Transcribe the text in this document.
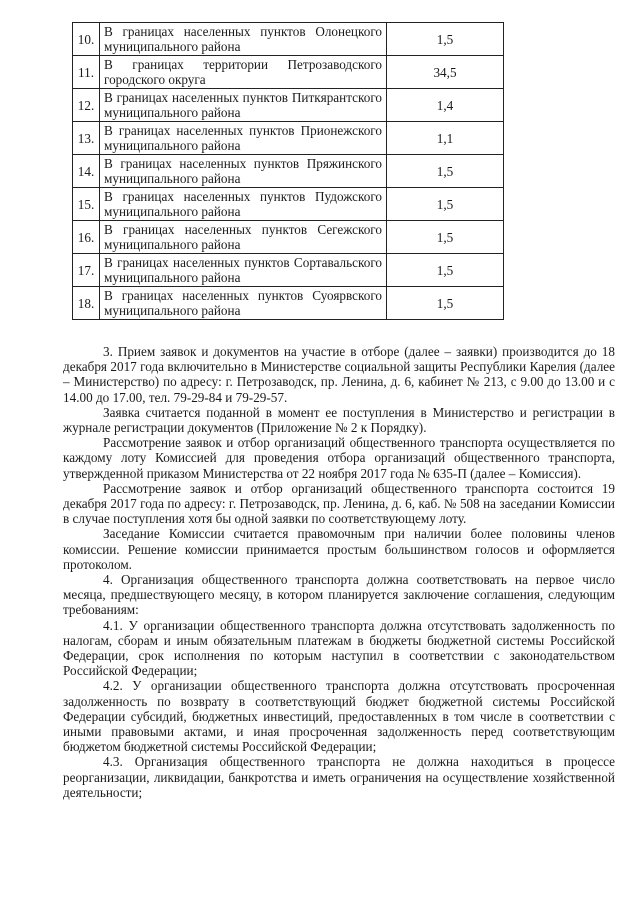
10.	В границах населенных пунктов Олонецкого муниципального района	1,5
11.	В границах территории Петрозаводского городского округа	34,5
12.	В границах населенных пунктов Питкярантского муниципального района	1,4
13.	В границах населенных пунктов Прионежского муниципального района	1,1
14.	В границах населенных пунктов Пряжинского муниципального района	1,5
15.	В границах населенных пунктов Пудожского муниципального района	1,5
16.	В границах населенных пунктов Сегежского муниципального района	1,5
17.	В границах населенных пунктов Сортавальского муниципального района	1,5
18.	В границах населенных пунктов Суоярвского муниципального района	1,5

3. Прием заявок и документов на участие в отборе (далее – заявки) производится до 18 декабря 2017 года включительно в Министерстве социальной защиты Республики Карелия (далее – Министерство) по адресу: г. Петрозаводск, пр. Ленина, д. 6, кабинет № 213, с 9.00 до 13.00 и с 14.00 до 17.00, тел. 79-29-84 и 79-29-57.

Заявка считается поданной в момент ее поступления в Министерство и регистрации в журнале регистрации документов (Приложение № 2 к Порядку).

Рассмотрение заявок и отбор организаций общественного транспорта осуществляется по каждому лоту Комиссией для проведения отбора организаций общественного транспорта, утвержденной приказом Министерства от 22 ноября 2017 года № 635-П (далее – Комиссия).

Рассмотрение заявок и отбор организаций общественного транспорта состоится 19 декабря 2017 года по адресу: г. Петрозаводск, пр. Ленина, д. 6, каб. № 508 на заседании Комиссии в случае поступления хотя бы одной заявки по соответствующему лоту.

Заседание Комиссии считается правомочным при наличии более половины членов комиссии. Решение комиссии принимается простым большинством голосов и оформляется протоколом.

4. Организация общественного транспорта должна соответствовать на первое число месяца, предшествующего месяцу, в котором планируется заключение соглашения, следующим требованиям:

4.1. У организации общественного транспорта должна отсутствовать задолженность по налогам, сборам и иным обязательным платежам в бюджеты бюджетной системы Российской Федерации, срок исполнения по которым наступил в соответствии с законодательством Российской Федерации;

4.2. У организации общественного транспорта должна отсутствовать просроченная задолженность по возврату в соответствующий бюджет бюджетной системы Российской Федерации субсидий, бюджетных инвестиций, предоставленных в том числе в соответствии с иными правовыми актами, и иная просроченная задолженность перед соответствующим бюджетом бюджетной системы Российской Федерации;

4.3. Организация общественного транспорта не должна находиться в процессе реорганизации, ликвидации, банкротства и иметь ограничения на осуществление хозяйственной деятельности;
